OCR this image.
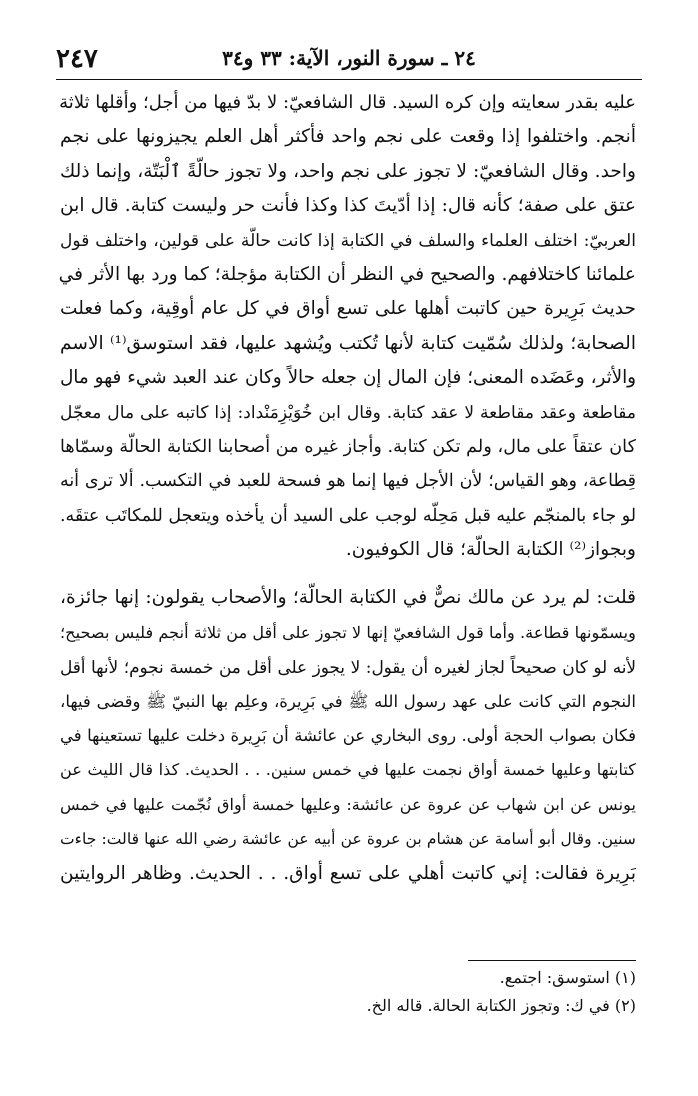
٢٤ ـ سورة النور، الآية: ٣٣ و٣٤
٢٤٧
عليه بقدر سعايته وإن كره السيد. قال الشافعيّ: لا بدّ فيها من أجل؛ وأقلها ثلاثة
أنجم. واختلفوا إذا وقعت على نجم واحد فأكثر أهل العلم يجيزونها على نجم
واحد. وقال الشافعيّ: لا تجوز على نجم واحد، ولا تجوز حالّةً ٱلْبَتّة، وإنما ذلك
عتق على صفة؛ كأنه قال: إذا أدّيتَ كذا وكذا فأنت حر وليست كتابة. قال ابن
العربيّ: اختلف العلماء والسلف في الكتابة إذا كانت حالّة على قولين، واختلف قول
علمائنا كاختلافهم. والصحيح في النظر أن الكتابة مؤجلة؛ كما ورد بها الأثر في
حديث بَرِيرة حين كاتبت أهلها على تسع أواق في كل عام أوقِية، وكما فعلت
الصحابة؛ ولذلك سُمّيت كتابة لأنها تُكتب ويُشهد عليها، فقد استوسق⁽¹⁾ الاسم
والأثر، وعَضَده المعنى؛ فإن المال إن جعله حالاً وكان عند العبد شيء فهو مال
مقاطعة وعقد مقاطعة لا عقد كتابة. وقال ابن خُوَيْزِمَنْداد: إذا كاتبه على مال معجّل
كان عتقاً على مال، ولم تكن كتابة. وأجاز غيره من أصحابنا الكتابة الحالّة وسمّاها
قِطاعة، وهو القياس؛ لأن الأجل فيها إنما هو فسحة للعبد في التكسب. ألا ترى أنه
لو جاء بالمنجّم عليه قبل مَحِلّه لوجب على السيد أن يأخذه ويتعجل للمكاتَب عتقَه.
وبجواز⁽²⁾ الكتابة الحالّة؛ قال الكوفيون.
قلت: لم يرد عن مالك نصٌّ في الكتابة الحالّة؛ والأصحاب يقولون: إنها جائزة،
ويسمّونها قطاعة. وأما قول الشافعيّ إنها لا تجوز على أقل من ثلاثة أنجم فليس بصحيح؛
لأنه لو كان صحيحاً لجاز لغيره أن يقول: لا يجوز على أقل من خمسة نجوم؛ لأنها أقل
النجوم التي كانت على عهد رسول الله ﷺ في بَرِيرة، وعلِم بها النبيّ ﷺ وقضى فيها،
فكان بصواب الحجة أولى. روى البخاري عن عائشة أن بَرِيرة دخلت عليها تستعينها في
كتابتها وعليها خمسة أواق نجمت عليها في خمس سنين. . . الحديث. كذا قال الليث عن
يونس عن ابن شهاب عن عروة عن عائشة: وعليها خمسة أواق نُجّمت عليها في خمس
سنين. وقال أبو أسامة عن هشام بن عروة عن أبيه عن عائشة رضي الله عنها قالت: جاءت
بَرِيرة فقالت: إني كاتبت أهلي على تسع أواق. . . الحديث. وظاهر الروايتين
(١) استوسق: اجتمع.
(٢) في ك: وتجوز الكتابة الحالة. قاله الخ.
